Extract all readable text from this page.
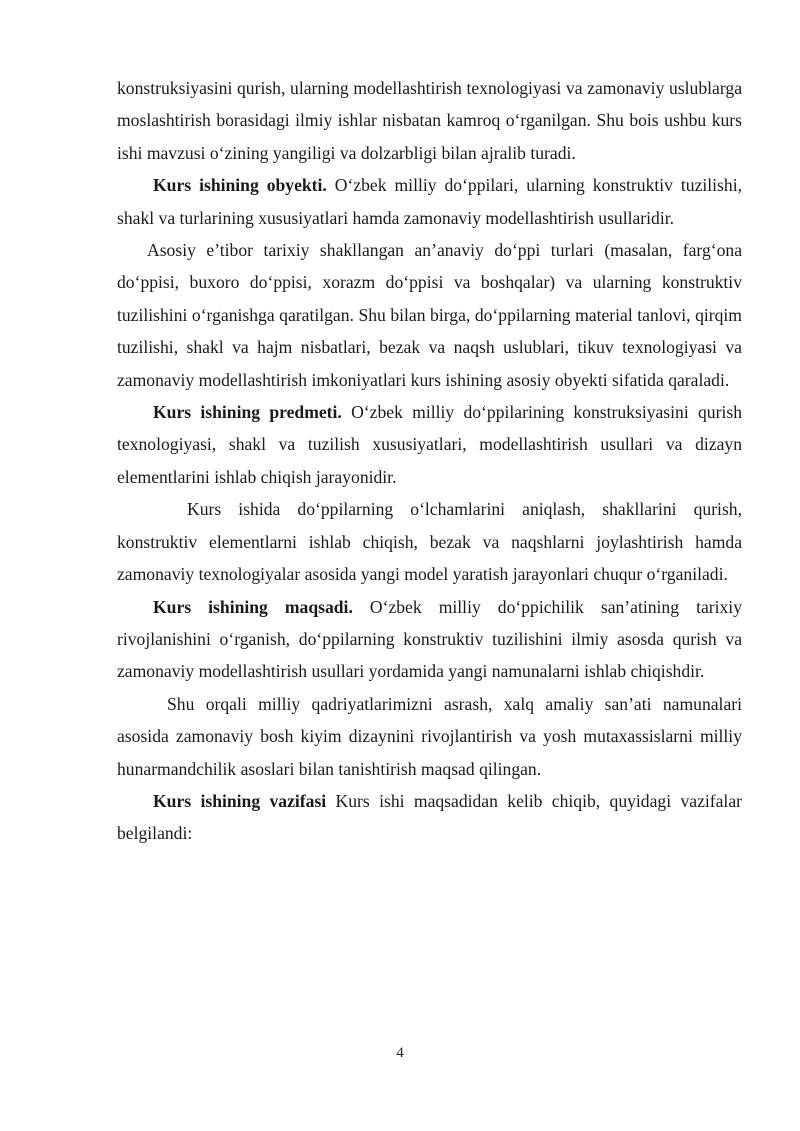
konstruksiyasini qurish, ularning modellashtirish texnologiyasi va zamonaviy uslublarga moslashtirish borasidagi ilmiy ishlar nisbatan kamroq o‘rganilgan. Shu bois ushbu kurs ishi mavzusi o‘zining yangiligi va dolzarbligi bilan ajralib turadi.

Kurs ishining obyekti. O‘zbek milliy do‘ppilari, ularning konstruktiv tuzilishi, shakl va turlarining xususiyatlari hamda zamonaviy modellashtirish usullaridir.

Asosiy e’tibor tarixiy shakllangan an’anaviy do‘ppi turlari (masalan, farg‘ona do‘ppisi, buxoro do‘ppisi, xorazm do‘ppisi va boshqalar) va ularning konstruktiv tuzilishini o‘rganishga qaratilgan. Shu bilan birga, do‘ppilarning material tanlovi, qirqim tuzilishi, shakl va hajm nisbatlari, bezak va naqsh uslublari, tikuv texnologiyasi va zamonaviy modellashtirish imkoniyatlari kurs ishining asosiy obyekti sifatida qaraladi.

Kurs ishining predmeti. O‘zbek milliy do‘ppilarining konstruksiyasini qurish texnologiyasi, shakl va tuzilish xususiyatlari, modellashtirish usullari va dizayn elementlarini ishlab chiqish jarayonidir.

Kurs ishida do‘ppilarning o‘lchamlarini aniqlash, shakllarini qurish, konstruktiv elementlarni ishlab chiqish, bezak va naqshlarni joylashtirish hamda zamonaviy texnologiyalar asosida yangi model yaratish jarayonlari chuqur o‘rganiladi.

Kurs ishining maqsadi. O‘zbek milliy do‘ppichilik san’atining tarixiy rivojlanishini o‘rganish, do‘ppilarning konstruktiv tuzilishini ilmiy asosda qurish va zamonaviy modellashtirish usullari yordamida yangi namunalarni ishlab chiqishdir.

Shu orqali milliy qadriyatlarimizni asrash, xalq amaliy san’ati namunalari asosida zamonaviy bosh kiyim dizaynini rivojlantirish va yosh mutaxassislarni milliy hunarmandchilik asoslari bilan tanishtirish maqsad qilingan.

Kurs ishining vazifasi Kurs ishi maqsadidan kelib chiqib, quyidagi vazifalar belgilandi:

4
